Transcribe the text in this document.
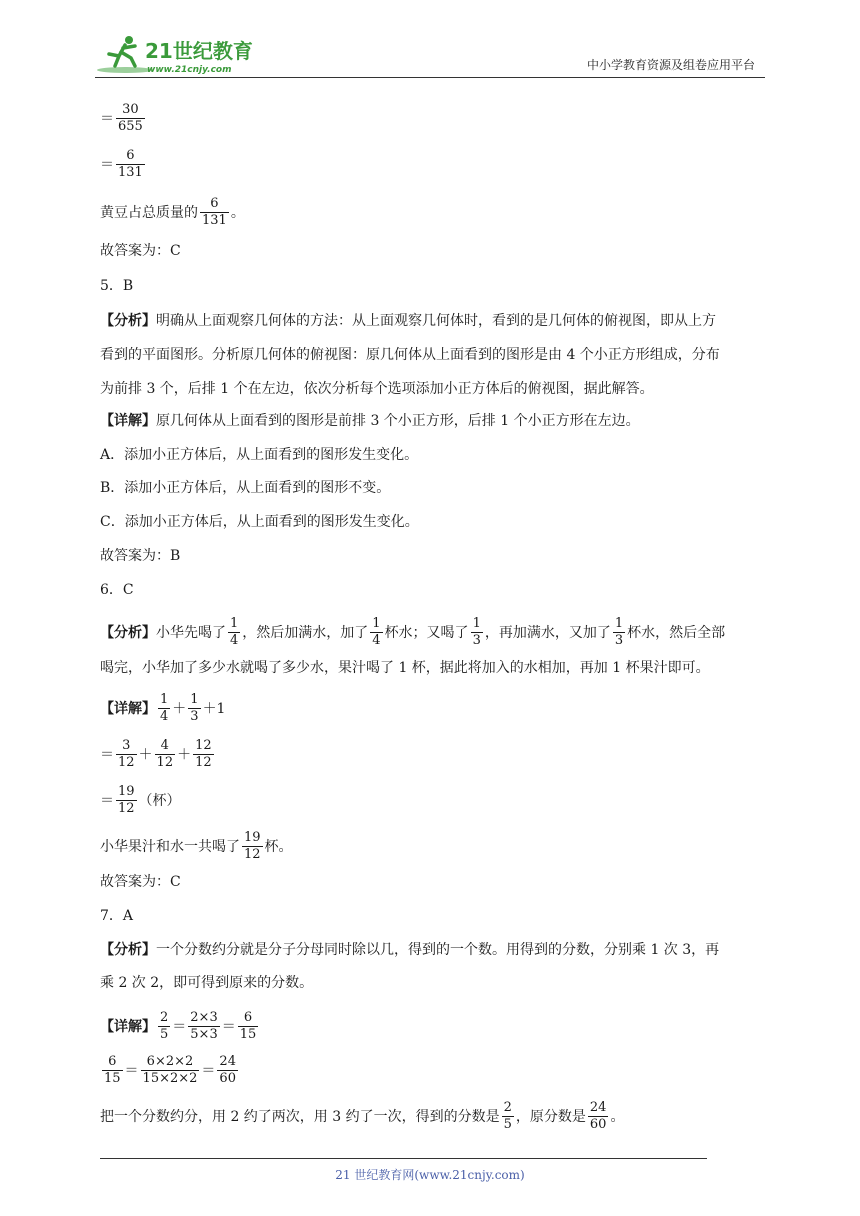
21世纪教育
www.21cnjy.com	中小学教育资源及组卷应用平台
＝ $\frac{30}{655}$
＝ $\frac{6}{131}$
黄豆占总质量的 $\frac{6}{131}$ 。
故答案为：C
5．B
【分析】明确从上面观察几何体的方法：从上面观察几何体时，看到的是几何体的俯视图，即从上方
看到的平面图形。分析原几何体的俯视图：原几何体从上面看到的图形是由 4 个小正方形组成，分布
为前排 3 个，后排 1 个在左边，依次分析每个选项添加小正方体后的俯视图，据此解答。
【详解】原几何体从上面看到的图形是前排 3 个小正方形，后排 1 个小正方形在左边。
A．添加小正方体后，从上面看到的图形发生变化。
B．添加小正方体后，从上面看到的图形不变。
C．添加小正方体后，从上面看到的图形发生变化。
故答案为：B
6．C
【分析】小华先喝了 $\frac{1}{4}$ ，然后加满水，加了 $\frac{1}{4}$ 杯水；又喝了 $\frac{1}{3}$ ，再加满水，又加了 $\frac{1}{3}$ 杯水，然后全部
喝完，小华加了多少水就喝了多少水，果汁喝了 1 杯，据此将加入的水相加，再加 1 杯果汁即可。
【详解】 $\frac{1}{4} + \frac{1}{3} +1$
＝ $\frac{3}{12} + \frac{4}{12} + \frac{12}{12}$
＝ $\frac{19}{12}$ （杯）
小华果汁和水一共喝了 $\frac{19}{12}$ 杯。
故答案为：C
7．A
【分析】一个分数约分就是分子分母同时除以几，得到的一个数。用得到的分数，分别乘 1 次 3，再
乘 2 次 2，即可得到原来的分数。
【详解】 $\frac{2}{5} = \frac{2\times 3}{5\times 3} = \frac{6}{15}$
$\frac{6}{15} = \frac{6\times 2\times 2}{15\times 2\times 2} = \frac{24}{60}$
把一个分数约分，用 2 约了两次，用 3 约了一次，得到的分数是 $\frac{2}{5}$ ，原分数是 $\frac{24}{60}$ 。
21 世纪教育网(www.21cnjy.com)
